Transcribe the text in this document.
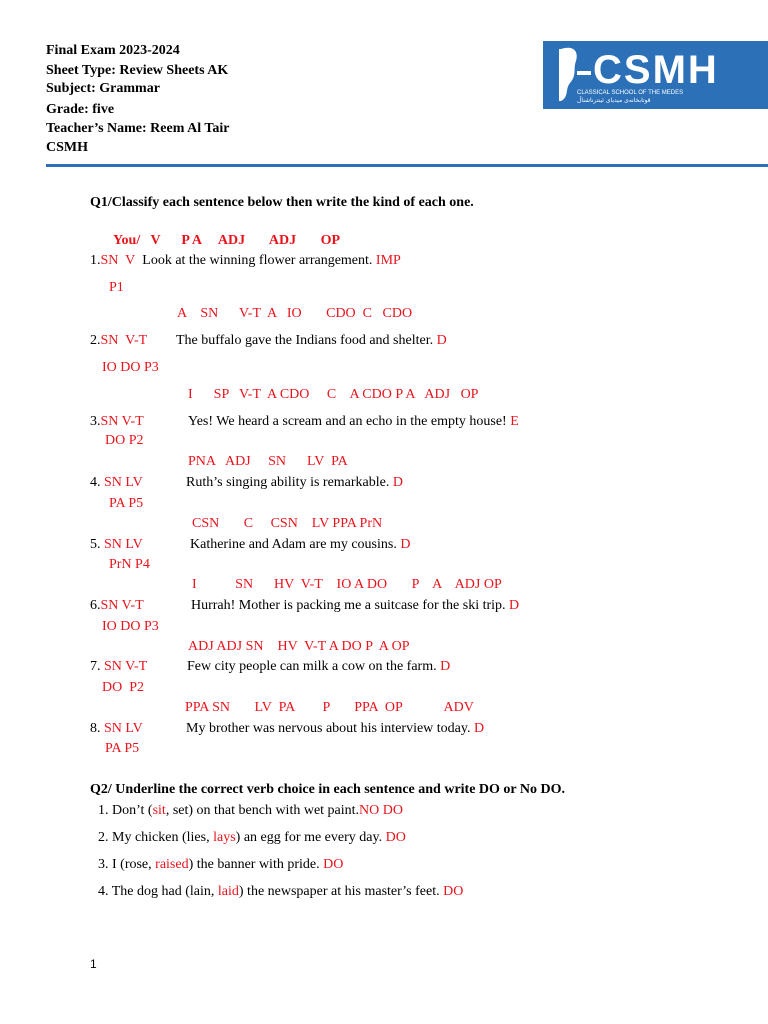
Final Exam 2023-2024
Sheet Type: Review Sheets AK
Subject: Grammar
Grade: five
Teacher’s Name: Reem Al Tair
CSMH
CSMH
CLASSICAL SCHOOL OF THE MEDES
قوتابخانەی میدیای ئینترناشناڵ
Q1/Classify each sentence below then write the kind of each one.
You/   V      P A     ADJ       ADJ       OP
1.SN  V Look at the winning flower arrangement. IMP
P1
A    SN      V-T  A   IO       CDO  C   CDO
2.SN  V-T The buffalo gave the Indians food and shelter. D
IO DO P3
I      SP   V-T  A CDO     C    A CDO P A   ADJ   OP
3.SN V-T	Yes! We heard a scream and an echo in the empty house! E
DO P2
PNA   ADJ     SN      LV  PA
4. SN LV	Ruth’s singing ability is remarkable. D
PA P5
CSN       C     CSN    LV PPA PrN
5. SN LV	Katherine and Adam are my cousins. D
PrN P4
I           SN      HV  V-T    IO A DO       P    A    ADJ OP
6.SN V-T	Hurrah! Mother is packing me a suitcase for the ski trip. D
IO DO P3
ADJ ADJ SN    HV  V-T A DO P  A OP
7. SN V-T	Few city people can milk a cow on the farm. D
DO  P2
PPA SN       LV  PA        P       PPA  OP            ADV
8. SN LV	My brother was nervous about his interview today. D
PA P5
Q2/ Underline the correct verb choice in each sentence and write DO or No DO.
1. Don’t (sit, set) on that bench with wet paint.NO DO
2. My chicken (lies, lays) an egg for me every day. DO
3. I (rose, raised) the banner with pride. DO
4. The dog had (lain, laid) the newspaper at his master’s feet. DO
1
